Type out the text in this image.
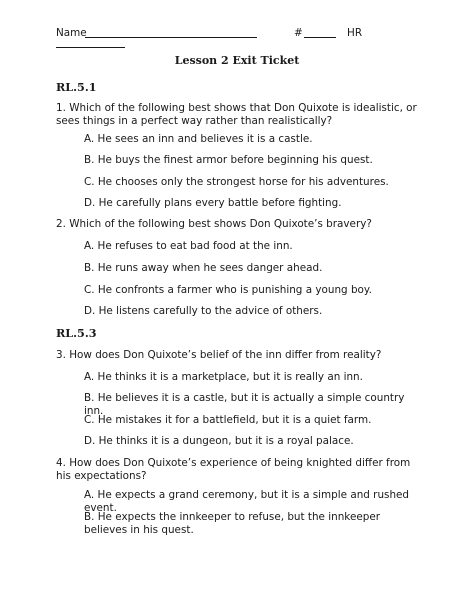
Name	#	HR
Lesson 2 Exit Ticket
RL.5.1
1. Which of the following best shows that Don Quixote is idealistic, or sees things in a perfect way rather than realistically?
A. He sees an inn and believes it is a castle.
B. He buys the finest armor before beginning his quest.
C. He chooses only the strongest horse for his adventures.
D. He carefully plans every battle before fighting.
2. Which of the following best shows Don Quixote’s bravery?
A. He refuses to eat bad food at the inn.
B. He runs away when he sees danger ahead.
C. He confronts a farmer who is punishing a young boy.
D. He listens carefully to the advice of others.
RL.5.3
3. How does Don Quixote’s belief of the inn differ from reality?
A. He thinks it is a marketplace, but it is really an inn.
B. He believes it is a castle, but it is actually a simple country inn.
C. He mistakes it for a battlefield, but it is a quiet farm.
D. He thinks it is a dungeon, but it is a royal palace.
4. How does Don Quixote’s experience of being knighted differ from his expectations?
A. He expects a grand ceremony, but it is a simple and rushed event.
B. He expects the innkeeper to refuse, but the innkeeper believes in his quest.
